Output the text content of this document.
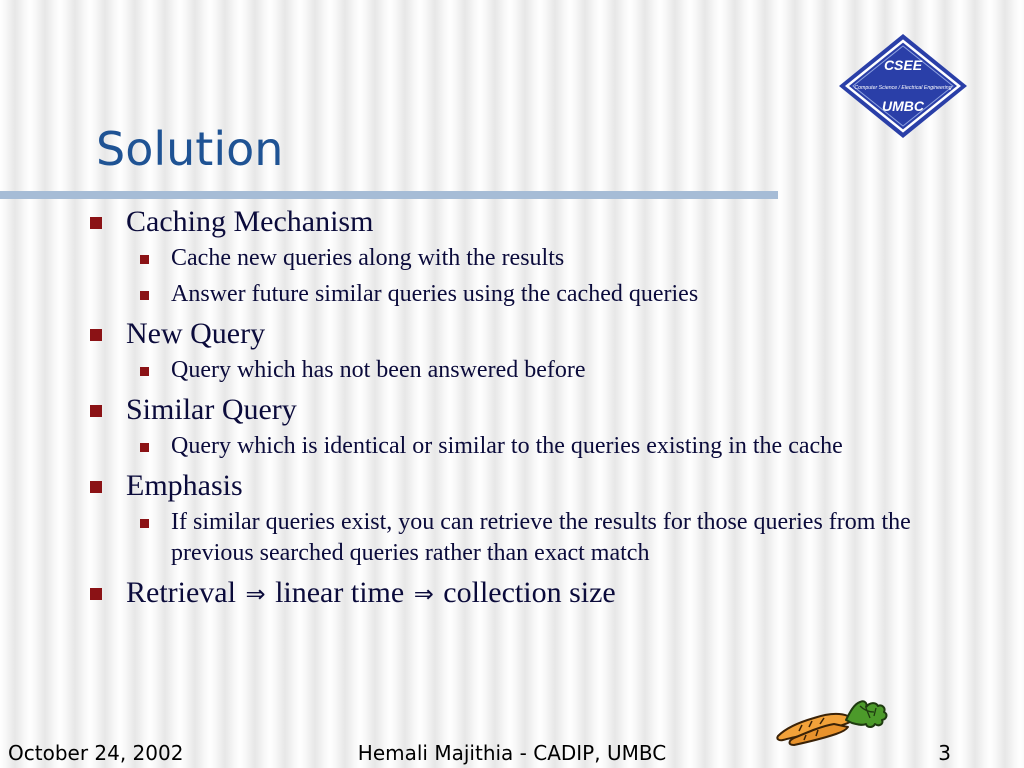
CSEE
Computer Science / Electrical Engineering
UMBC
Solution
Caching Mechanism
Cache new queries along with the results
Answer future similar queries using the cached queries
New Query
Query which has not been answered before
Similar Query
Query which is identical or similar to the queries existing in the cache
Emphasis
If similar queries exist, you can retrieve the results for those queries from the previous searched queries rather than exact match
Retrieval ⇒ linear time ⇒ collection size
October 24, 2002	Hemali Majithia - CADIP, UMBC	3
